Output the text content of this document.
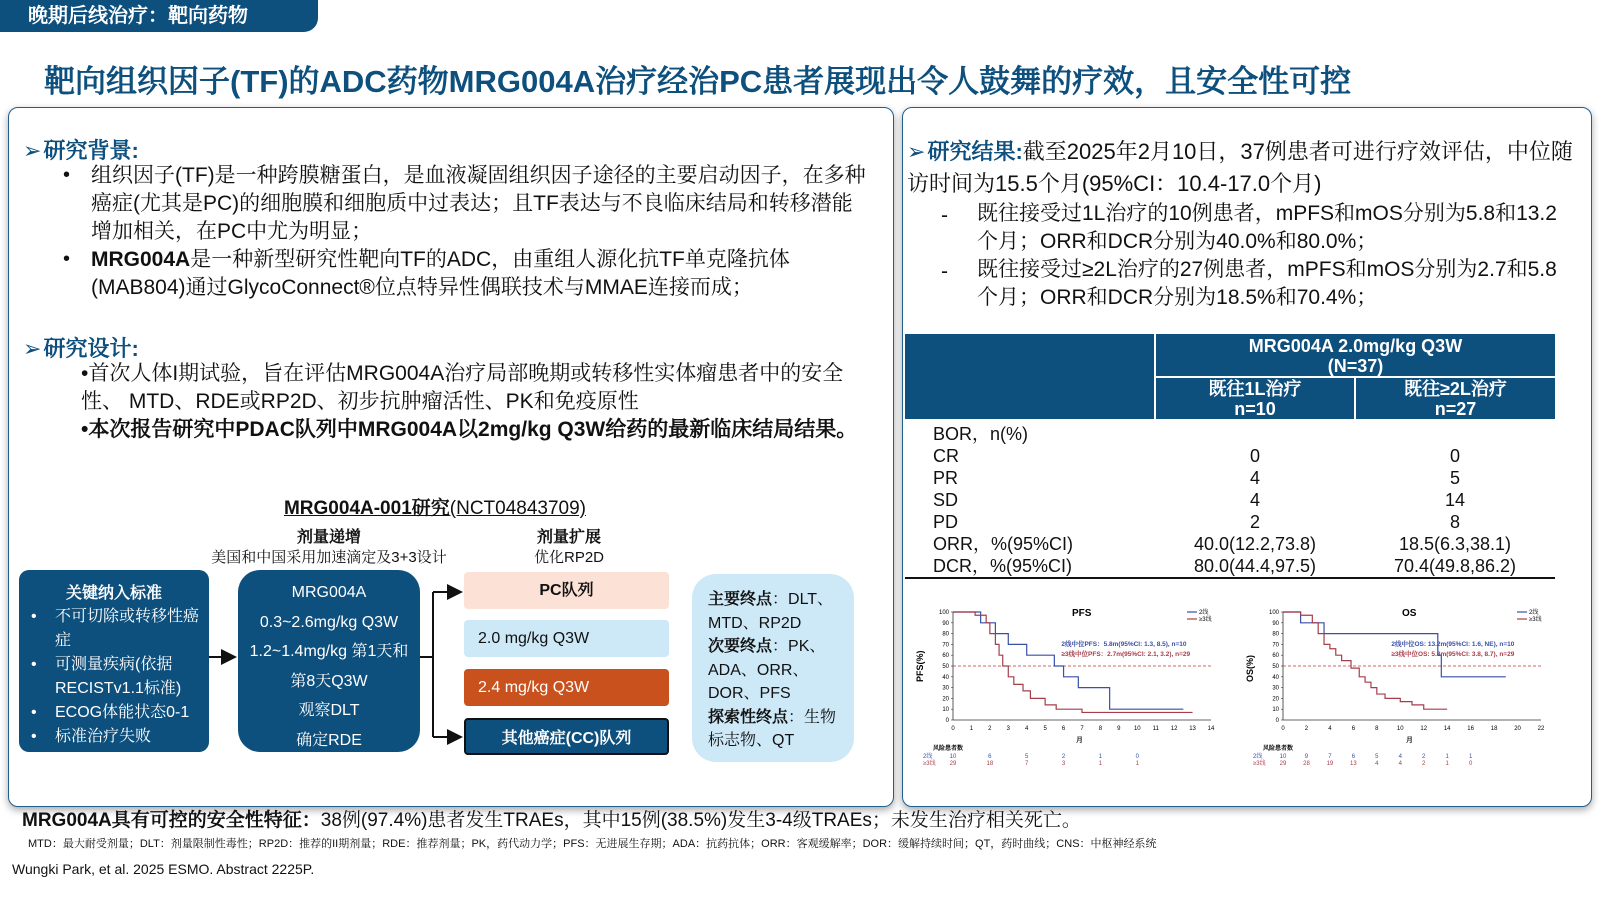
晚期后线治疗：靶向药物
靶向组织因子(TF)的ADC药物MRG004A治疗经治PC患者展现出令人鼓舞的疗效，且安全性可控
➢研究背景:
• 组织因子(TF)是一种跨膜糖蛋白，是血液凝固组织因子途径的主要启动因子，在多种癌症(尤其是PC)的细胞膜和细胞质中过表达；且TF表达与不良临床结局和转移潜能增加相关，在PC中尤为明显；
• MRG004A是一种新型研究性靶向TF的ADC，由重组人源化抗TF单克隆抗体(MAB804)通过GlycoConnect®位点特异性偶联技术与MMAE连接而成；
➢研究设计:
•首次人体I期试验，旨在评估MRG004A治疗局部晚期或转移性实体瘤患者中的安全性、 MTD、RDE或RP2D、初步抗肿瘤活性、PK和免疫原性
•本次报告研究中PDAC队列中MRG004A以2mg/kg Q3W给药的最新临床结局结果。
MRG004A-001研究(NCT04843709)
剂量递增
美国和中国采用加速滴定及3+3设计
剂量扩展
优化RP2D
关键纳入标准
• 不可切除或转移性癌症
• 可测量疾病(依据RECISTv1.1标准)
• ECOG体能状态0-1
• 标准治疗失败
MRG004A
0.3~2.6mg/kg Q3W
1.2~1.4mg/kg 第1天和
第8天Q3W
观察DLT
确定RDE
PC队列
2.0 mg/kg Q3W
2.4 mg/kg Q3W
其他癌症(CC)队列
主要终点：DLT、MTD、RP2D
次要终点：PK、ADA、ORR、DOR、PFS
探索性终点：生物标志物、QT
➢研究结果:截至2025年2月10日，37例患者可进行疗效评估，中位随访时间为15.5个月(95%CI：10.4-17.0个月)
- 既往接受过1L治疗的10例患者，mPFS和mOS分别为5.8和13.2个月；ORR和DCR分别为40.0%和80.0%；
- 既往接受过≥2L治疗的27例患者，mPFS和mOS分别为2.7和5.8个月；ORR和DCR分别为18.5%和70.4%；
	MRG004A 2.0mg/kg Q3W
(N=37)	
	既往1L治疗
n=10	既往≥2L治疗
n=27
BOR，n(%)		
CR	0	0
PR	4	5
SD	4	14
PD	2	8
ORR，%(95%CI)	40.0(12.2,73.8)	18.5(6.3,38.1)
DCR，%(95%CI)	80.0(44.4,97.5)	70.4(49.8,86.2)
PFS
PFS(%)
100
90
80
70
60
50
40
30
20
10
0
0	1	2	3	4	5	6	7	8	9 10 11 12 13 14
月
2线
≥3线
2线中位PFS：5.8m(95%CI: 1.3, 8.5), n=10
≥3线中位PFS：2.7m(95%CI: 2.1, 3.2), n=29
风险患者数
2线
≥3线
10	6	5	2	1	0
29	18	7	3	1	1
OS
OS(%)
100
90
80
70
60
50
40
30
20
10
0
0	2	4	6	8	10	12	14	16	18	20	22
月
2线
≥3线
2线中位OS: 13.2m(95%CI: 1.6, NE), n=10
≥3线中位OS: 5.8m(95%CI: 3.8, 8.7), n=29
风险患者数
2线
≥3线
10	9	7	6	5	4	2	1	1
29	28	19	13	4	4	2	1	0
MRG004A具有可控的安全性特征：38例(97.4%)患者发生TRAEs，其中15例(38.5%)发生3-4级TRAEs；未发生治疗相关死亡。
MTD：最大耐受剂量；DLT：剂量限制性毒性；RP2D：推荐的II期剂量；RDE：推荐剂量；PK，药代动力学；PFS：无进展生存期；ADA：抗药抗体；ORR：客观缓解率；DOR：缓解持续时间；QT，药时曲线；CNS：中枢神经系统
Wungki Park, et al. 2025 ESMO. Abstract 2225P.
